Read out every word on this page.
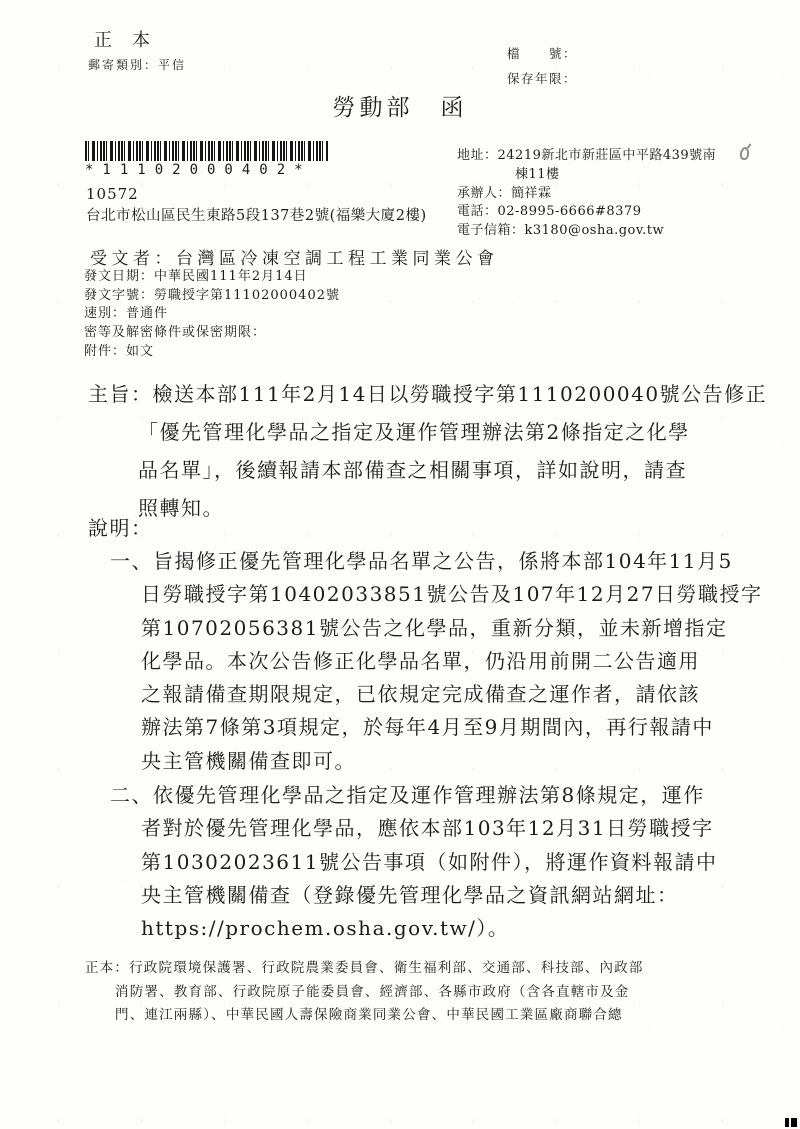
正　本
郵寄類別：平信
檔　　號：
保存年限：
勞動部　函
*11102000402*
10572
台北市松山區民生東路5段137巷2號(福樂大廈2樓)
地址：24219新北市新莊區中平路439號南
棟11樓
承辦人：簡祥霖
電話：02-8995-6666#8379
電子信箱：k3180@osha.gov.tw
受文者：台灣區冷凍空調工程工業同業公會
發文日期：中華民國111年2月14日
發文字號：勞職授字第11102000402號
速別：普通件
密等及解密條件或保密期限：
附件：如文
主旨：檢送本部111年2月14日以勞職授字第1110200040號公告修正
「優先管理化學品之指定及運作管理辦法第2條指定之化學
品名單」，後續報請本部備查之相關事項，詳如說明，請查
照轉知。
說明：
一、旨揭修正優先管理化學品名單之公告，係將本部104年11月5
日勞職授字第10402033851號公告及107年12月27日勞職授字
第10702056381號公告之化學品，重新分類，並未新增指定
化學品。本次公告修正化學品名單，仍沿用前開二公告適用
之報請備查期限規定，已依規定完成備查之運作者，請依該
辦法第7條第3項規定，於每年4月至9月期間內，再行報請中
央主管機關備查即可。
二、依優先管理化學品之指定及運作管理辦法第8條規定，運作
者對於優先管理化學品，應依本部103年12月31日勞職授字
第10302023611號公告事項（如附件），將運作資料報請中
央主管機關備查（登錄優先管理化學品之資訊網站網址：
https://prochem.osha.gov.tw/）。
正本：行政院環境保護署、行政院農業委員會、衛生福利部、交通部、科技部、內政部
消防署、教育部、行政院原子能委員會、經濟部、各縣市政府（含各直轄市及金
門、連江兩縣）、中華民國人壽保險商業同業公會、中華民國工業區廠商聯合總
